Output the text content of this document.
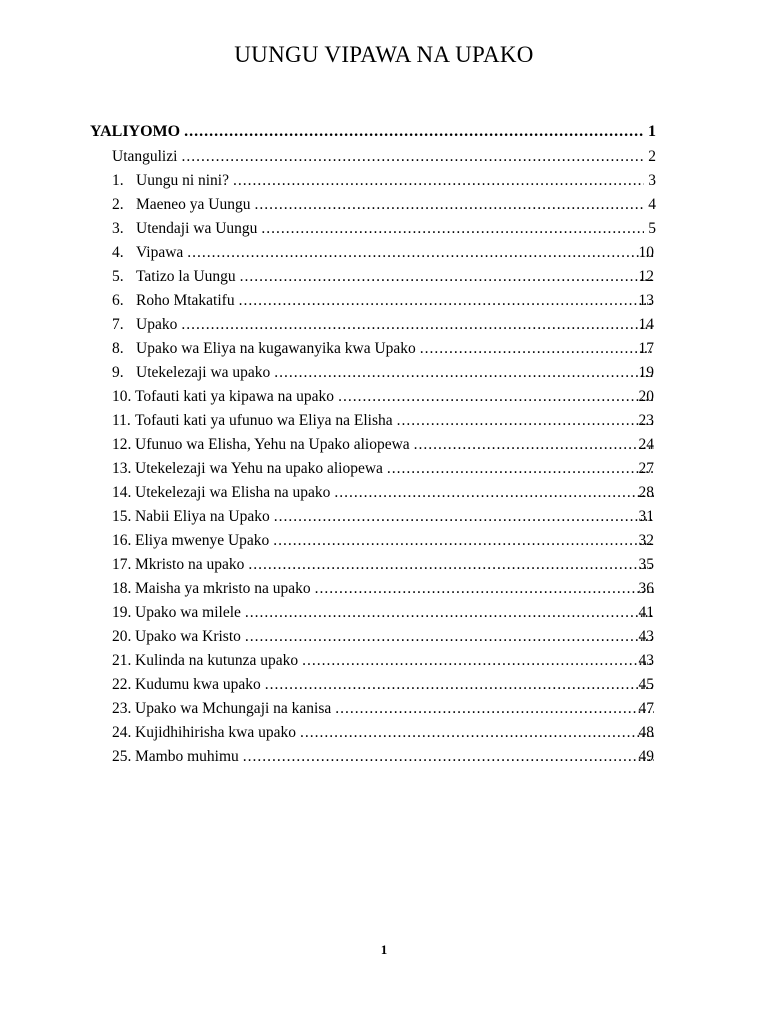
UUNGU VIPAWA NA UPAKO
YALIYOMO .....	1
Utangulizi .....	2
1. Uungu ni nini? .....	3
2. Maeneo ya Uungu .....	4
3. Utendaji wa Uungu .....	5
4. Vipawa .....	10
5. Tatizo la Uungu .....	12
6. Roho Mtakatifu .....	13
7. Upako .....	14
8. Upako wa Eliya na kugawanyika kwa Upako .....	17
9. Utekelezaji wa upako .....	19
10. Tofauti kati ya kipawa na upako .....	20
11. Tofauti kati ya ufunuo wa Eliya na Elisha .....	23
12. Ufunuo wa Elisha, Yehu na Upako aliopewa .....	24
13. Utekelezaji wa Yehu na upako aliopewa .....	27
14. Utekelezaji wa Elisha na upako .....	28
15. Nabii Eliya na Upako .....	31
16. Eliya mwenye Upako .....	32
17. Mkristo na upako .....	35
18. Maisha ya mkristo na upako .....	36
19. Upako wa milele .....	41
20. Upako wa Kristo .....	43
21. Kulinda na kutunza upako .....	43
22. Kudumu kwa upako .....	45
23. Upako wa Mchungaji na kanisa .....	47
24. Kujidhihirisha kwa upako .....	48
25. Mambo muhimu .....	49
1
